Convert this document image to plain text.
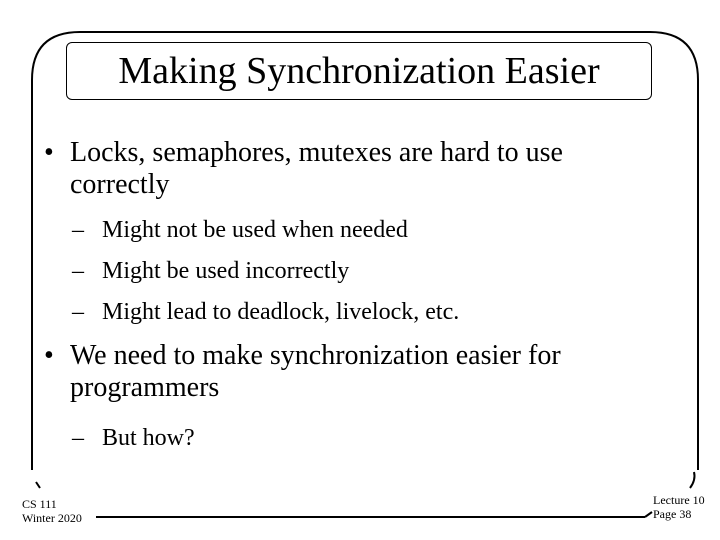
Making Synchronization Easier
• Locks, semaphores, mutexes are hard to use
correctly
– Might not be used when needed
– Might be used incorrectly
– Might lead to deadlock, livelock, etc.
• We need to make synchronization easier for
programmers
– But how?
CS 111
Winter 2020
Lecture 10
Page 38
